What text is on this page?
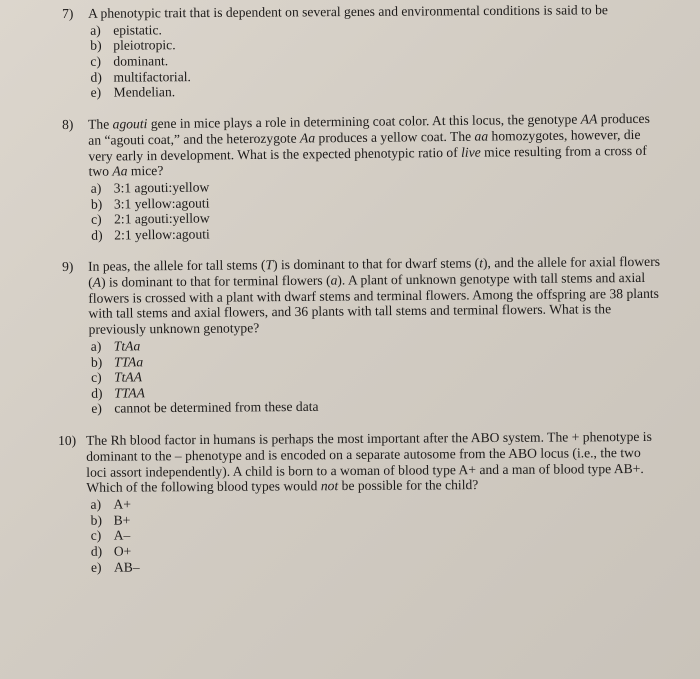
7)	A phenotypic trait that is dependent on several genes and environmental conditions is said to be
a) epistatic.
b) pleiotropic.
c) dominant.
d) multifactorial.
e) Mendelian.
8)	The agouti gene in mice plays a role in determining coat color. At this locus, the genotype AA produces an “agouti coat,” and the heterozygote Aa produces a yellow coat. The aa homozygotes, however, die very early in development. What is the expected phenotypic ratio of live mice resulting from a cross of two Aa mice?
a) 3:1 agouti:yellow
b) 3:1 yellow:agouti
c) 2:1 agouti:yellow
d) 2:1 yellow:agouti
9)	In peas, the allele for tall stems (T) is dominant to that for dwarf stems (t), and the allele for axial flowers (A) is dominant to that for terminal flowers (a). A plant of unknown genotype with tall stems and axial flowers is crossed with a plant with dwarf stems and terminal flowers. Among the offspring are 38 plants with tall stems and axial flowers, and 36 plants with tall stems and terminal flowers. What is the previously unknown genotype?
a) TtAa
b) TTAa
c) TtAA
d) TTAA
e) cannot be determined from these data
10) The Rh blood factor in humans is perhaps the most important after the ABO system. The + phenotype is dominant to the – phenotype and is encoded on a separate autosome from the ABO locus (i.e., the two loci assort independently). A child is born to a woman of blood type A+ and a man of blood type AB+. Which of the following blood types would not be possible for the child?
a) A+
b) B+
c) A–
d) O+
e) AB–
